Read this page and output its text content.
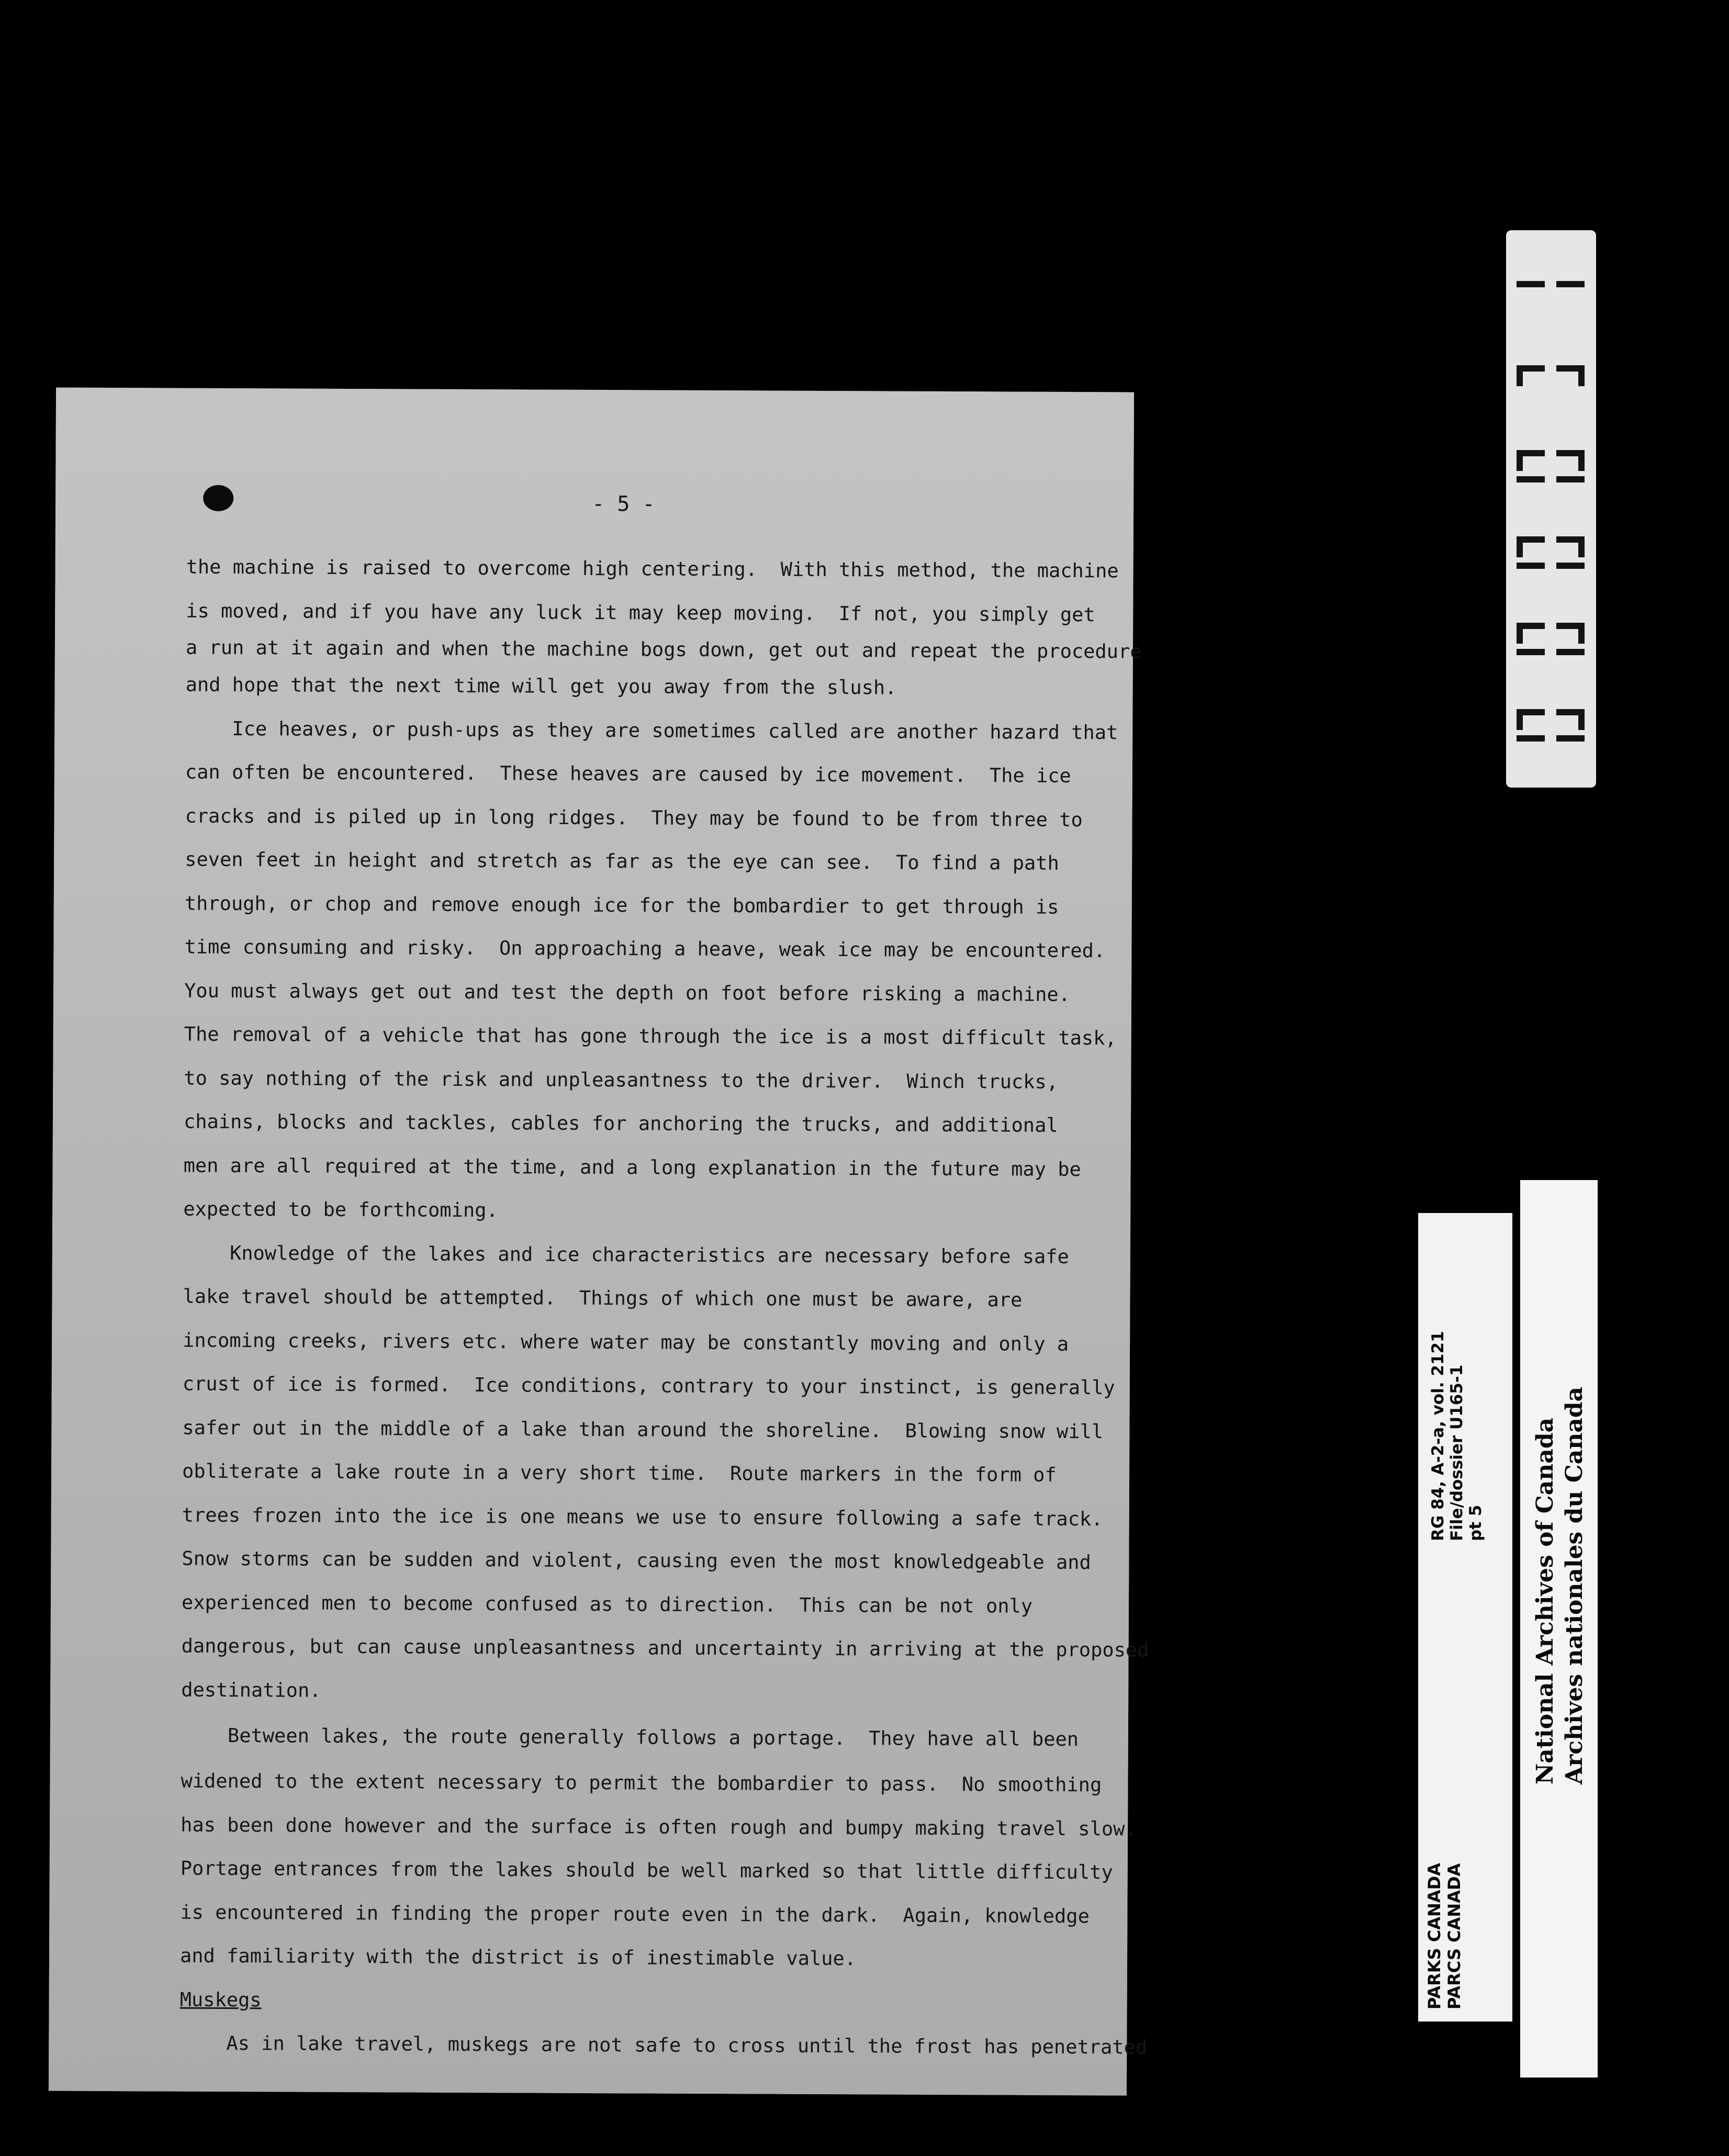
- 5 -
the machine is raised to overcome high centering.  With this method, the machine
is moved, and if you have any luck it may keep moving.  If not, you simply get
a run at it again and when the machine bogs down, get out and repeat the procedure
and hope that the next time will get you away from the slush.
Ice heaves, or push-ups as they are sometimes called are another hazard that
can often be encountered.  These heaves are caused by ice movement.  The ice
cracks and is piled up in long ridges.  They may be found to be from three to
seven feet in height and stretch as far as the eye can see.  To find a path
through, or chop and remove enough ice for the bombardier to get through is
time consuming and risky.  On approaching a heave, weak ice may be encountered.
You must always get out and test the depth on foot before risking a machine.
The removal of a vehicle that has gone through the ice is a most difficult task,
to say nothing of the risk and unpleasantness to the driver.  Winch trucks,
chains, blocks and tackles, cables for anchoring the trucks, and additional
men are all required at the time, and a long explanation in the future may be
expected to be forthcoming.
Knowledge of the lakes and ice characteristics are necessary before safe
lake travel should be attempted.  Things of which one must be aware, are
incoming creeks, rivers etc. where water may be constantly moving and only a
crust of ice is formed.  Ice conditions, contrary to your instinct, is generally
safer out in the middle of a lake than around the shoreline.  Blowing snow will
obliterate a lake route in a very short time.  Route markers in the form of
trees frozen into the ice is one means we use to ensure following a safe track.
Snow storms can be sudden and violent, causing even the most knowledgeable and
experienced men to become confused as to direction.  This can be not only
dangerous, but can cause unpleasantness and uncertainty in arriving at the proposed
destination.
Between lakes, the route generally follows a portage.  They have all been
widened to the extent necessary to permit the bombardier to pass.  No smoothing
has been done however and the surface is often rough and bumpy making travel slow.
Portage entrances from the lakes should be well marked so that little difficulty
is encountered in finding the proper route even in the dark.  Again, knowledge
and familiarity with the district is of inestimable value.
Muskegs
As in lake travel, muskegs are not safe to cross until the frost has penetrated
PARKS CANADA PARCS CANADA
RG 84, A-2-a, vol. 2121 File/dossier U165-1 pt 5 National Archives of Canada Archives nationales du Canada
